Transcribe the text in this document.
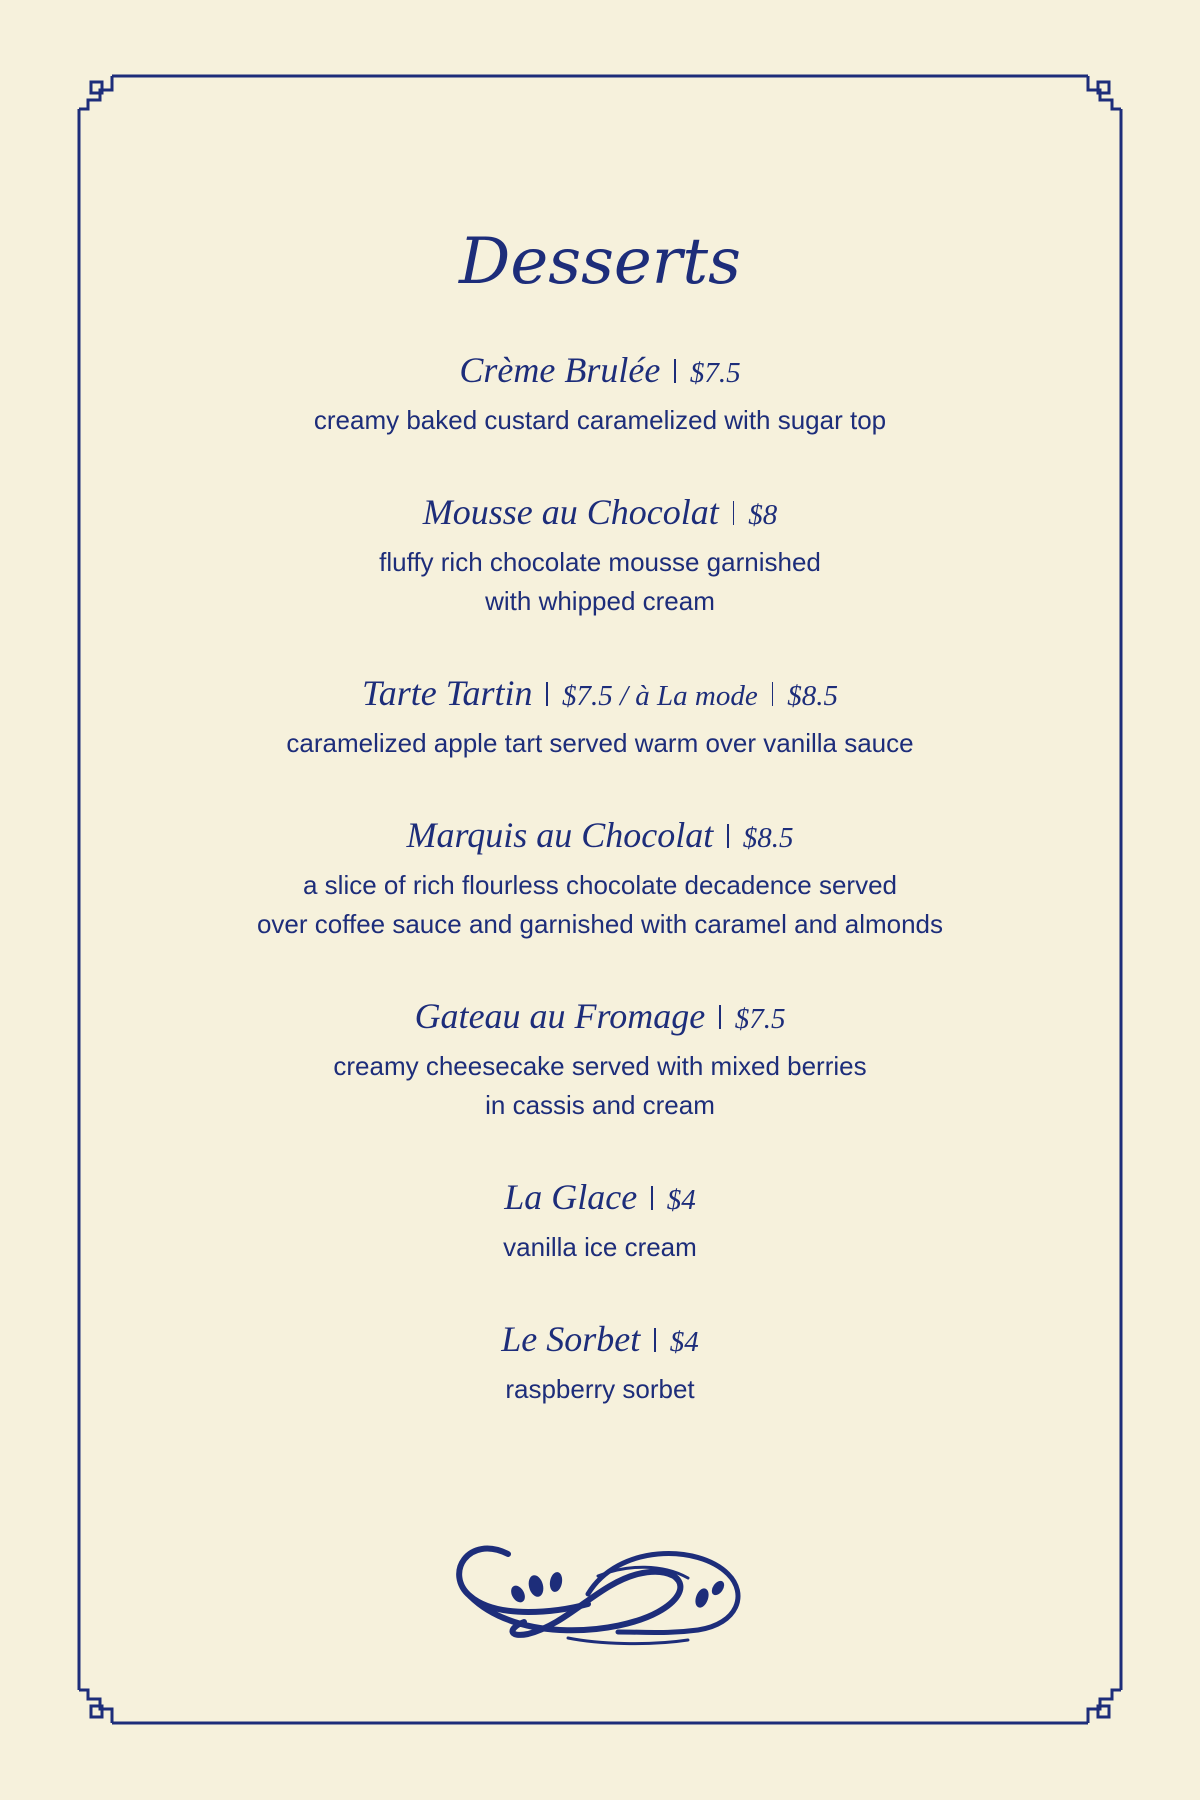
Desserts
Crème Brulée $7.5
creamy baked custard caramelized with sugar top
Mousse au Chocolat $8
fluffy rich chocolate mousse garnished
with whipped cream
Tarte Tartin $7.5 / à La mode $8.5
caramelized apple tart served warm over vanilla sauce
Marquis au Chocolat $8.5
a slice of rich flourless chocolate decadence served
over coffee sauce and garnished with caramel and almonds
Gateau au Fromage $7.5
creamy cheesecake served with mixed berries
in cassis and cream
La Glace $4
vanilla ice cream
Le Sorbet $4
raspberry sorbet
